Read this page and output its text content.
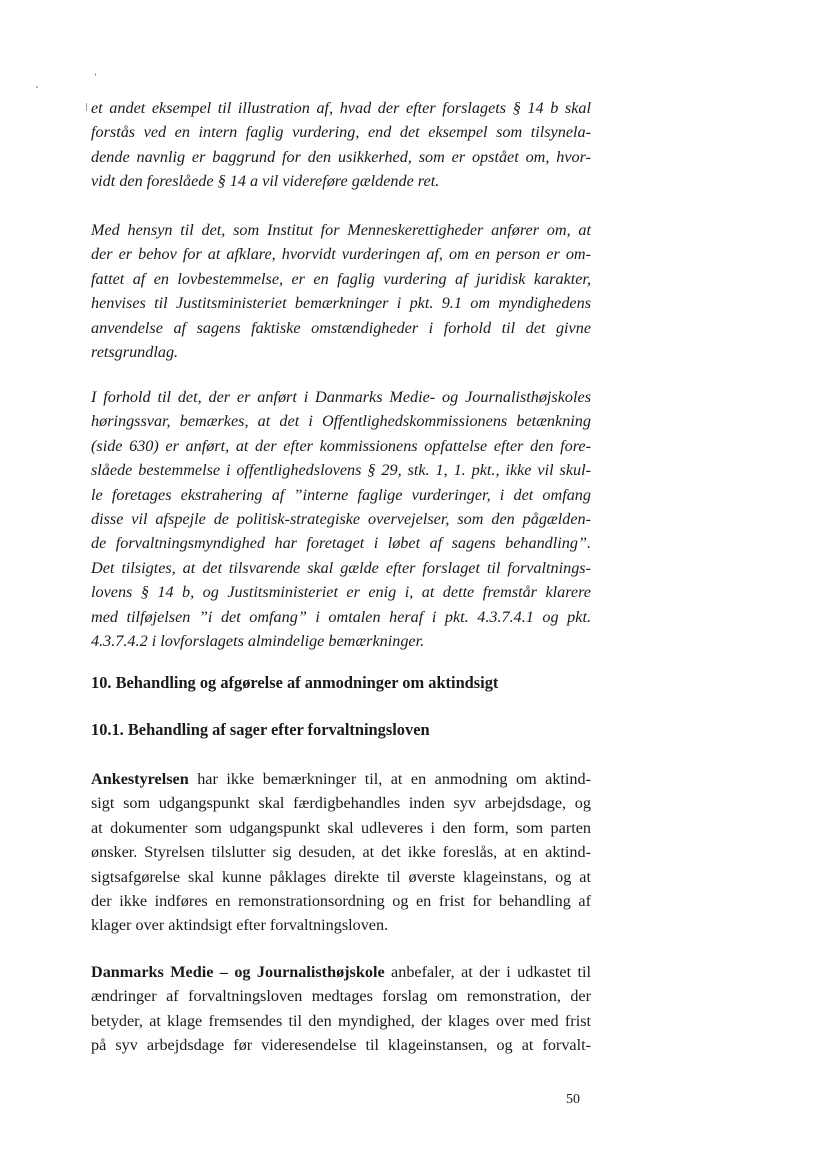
et andet eksempel til illustration af, hvad der efter forslagets § 14 b skal
forstås ved en intern faglig vurdering, end det eksempel som tilsynela-
dende navnlig er baggrund for den usikkerhed, som er opstået om, hvor-
vidt den foreslåede § 14 a vil videreføre gældende ret.
Med hensyn til det, som Institut for Menneskerettigheder anfører om, at
der er behov for at afklare, hvorvidt vurderingen af, om en person er om-
fattet af en lovbestemmelse, er en faglig vurdering af juridisk karakter,
henvises til Justitsministeriet bemærkninger i pkt. 9.1 om myndighedens
anvendelse af sagens faktiske omstændigheder i forhold til det givne
retsgrundlag.
I forhold til det, der er anført i Danmarks Medie- og Journalisthøjskoles
høringssvar, bemærkes, at det i Offentlighedskommissionens betænkning
(side 630) er anført, at der efter kommissionens opfattelse efter den fore-
slåede bestemmelse i offentlighedslovens § 29, stk. 1, 1. pkt., ikke vil skul-
le foretages ekstrahering af ”interne faglige vurderinger, i det omfang
disse vil afspejle de politisk-strategiske overvejelser, som den pågælden-
de forvaltningsmyndighed har foretaget i løbet af sagens behandling”.
Det tilsigtes, at det tilsvarende skal gælde efter forslaget til forvaltnings-
lovens § 14 b, og Justitsministeriet er enig i, at dette fremstår klarere
med tilføjelsen ”i det omfang” i omtalen heraf i pkt. 4.3.7.4.1 og pkt.
4.3.7.4.2 i lovforslagets almindelige bemærkninger.
10. Behandling og afgørelse af anmodninger om aktindsigt
10.1. Behandling af sager efter forvaltningsloven
Ankestyrelsen har ikke bemærkninger til, at en anmodning om aktind-
sigt som udgangspunkt skal færdigbehandles inden syv arbejdsdage, og
at dokumenter som udgangspunkt skal udleveres i den form, som parten
ønsker. Styrelsen tilslutter sig desuden, at det ikke foreslås, at en aktind-
sigtsafgørelse skal kunne påklages direkte til øverste klageinstans, og at
der ikke indføres en remonstrationsordning og en frist for behandling af
klager over aktindsigt efter forvaltningsloven.
Danmarks Medie – og Journalisthøjskole anbefaler, at der i udkastet til
ændringer af forvaltningsloven medtages forslag om remonstration, der
betyder, at klage fremsendes til den myndighed, der klages over med frist
på syv arbejdsdage før videresendelse til klageinstansen, og at forvalt-
50
